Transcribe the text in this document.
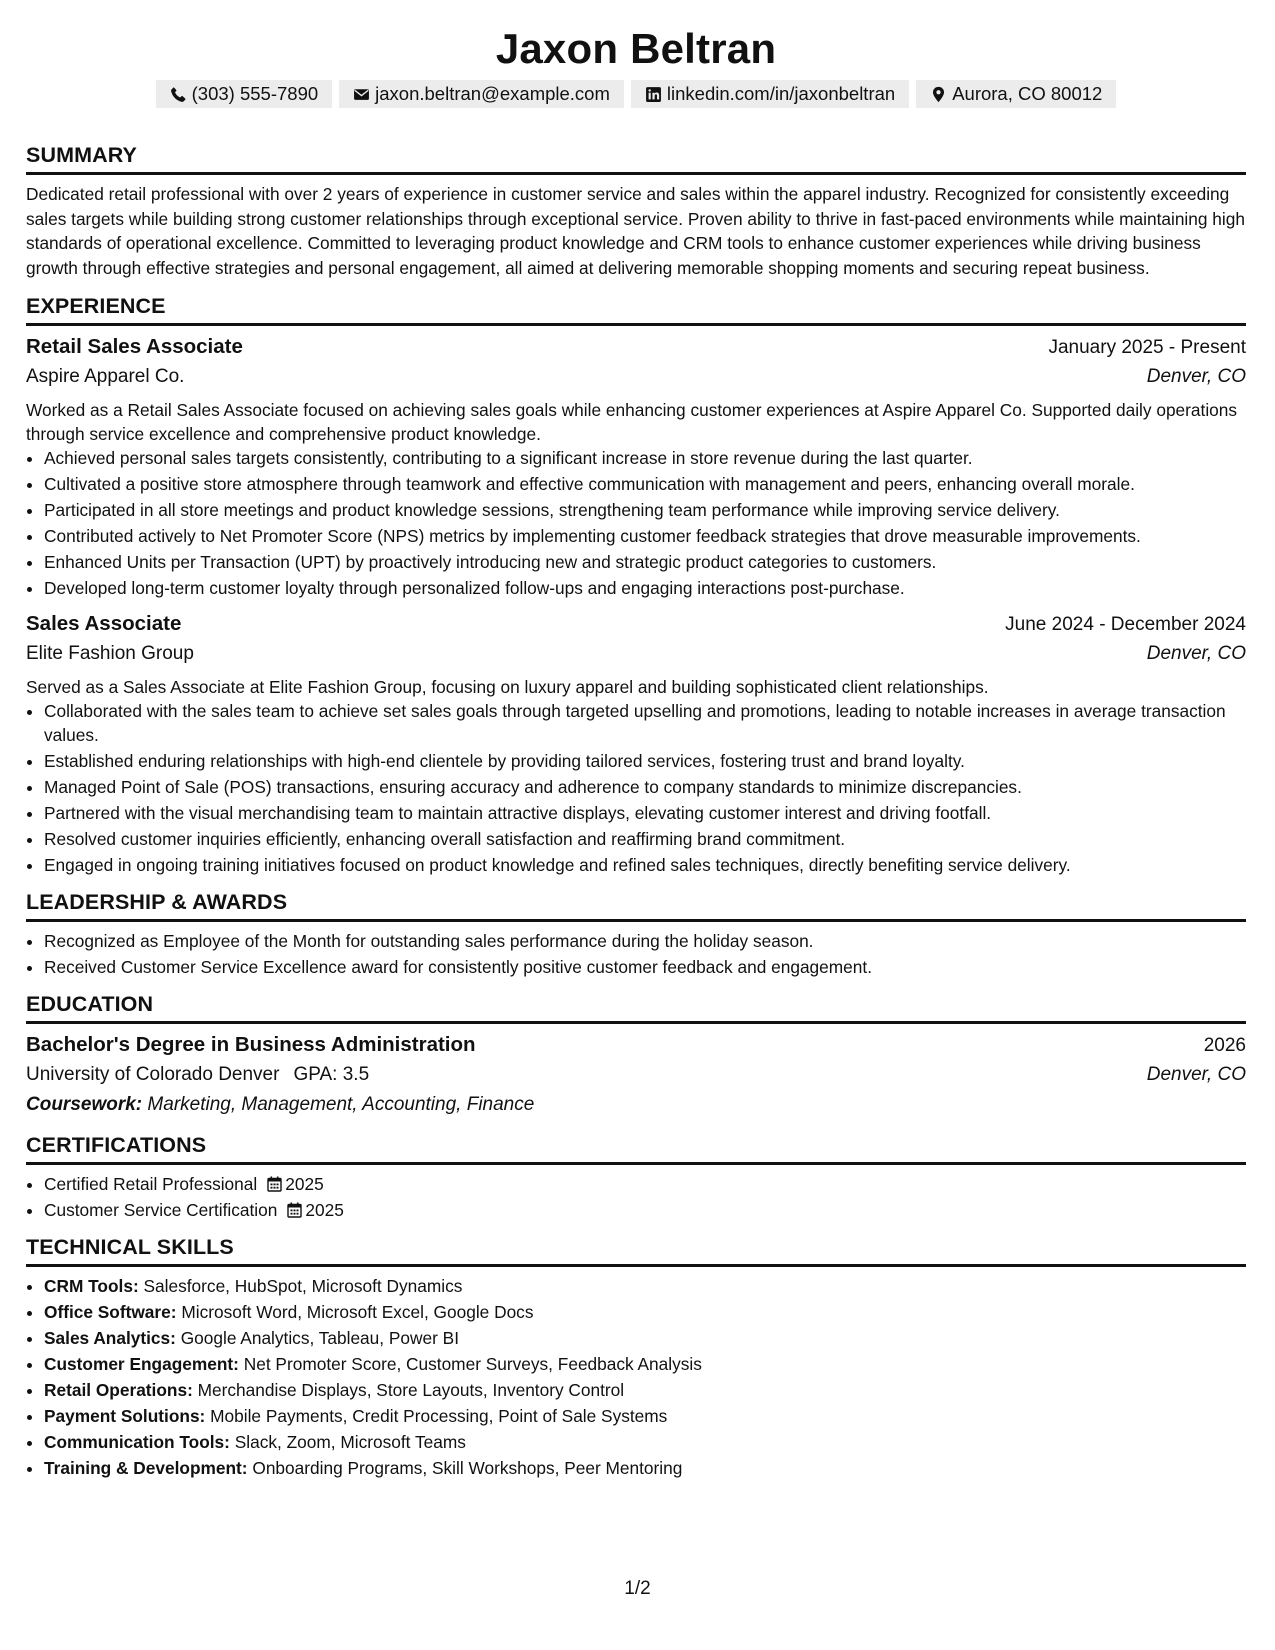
Jaxon Beltran
(303) 555-7890	jaxon.beltran@example.com	linkedin.com/in/jaxonbeltran	Aurora, CO 80012
SUMMARY

Dedicated retail professional with over 2 years of experience in customer service and sales within the apparel industry. Recognized for consistently exceeding sales targets while building strong customer relationships through exceptional service. Proven ability to thrive in fast-paced environments while maintaining high standards of operational excellence. Committed to leveraging product knowledge and CRM tools to enhance customer experiences while driving business growth through effective strategies and personal engagement, all aimed at delivering memorable shopping moments and securing repeat business.

EXPERIENCE
Retail Sales Associate	January 2025 - Present
Aspire Apparel Co.	Denver, CO
Worked as a Retail Sales Associate focused on achieving sales goals while enhancing customer experiences at Aspire Apparel Co. Supported daily operations through service excellence and comprehensive product knowledge.
• Achieved personal sales targets consistently, contributing to a significant increase in store revenue during the last quarter.
• Cultivated a positive store atmosphere through teamwork and effective communication with management and peers, enhancing overall morale.
• Participated in all store meetings and product knowledge sessions, strengthening team performance while improving service delivery.
• Contributed actively to Net Promoter Score (NPS) metrics by implementing customer feedback strategies that drove measurable improvements.
• Enhanced Units per Transaction (UPT) by proactively introducing new and strategic product categories to customers.
• Developed long-term customer loyalty through personalized follow-ups and engaging interactions post-purchase.
Sales Associate	June 2024 - December 2024
Elite Fashion Group	Denver, CO
Served as a Sales Associate at Elite Fashion Group, focusing on luxury apparel and building sophisticated client relationships.
• Collaborated with the sales team to achieve set sales goals through targeted upselling and promotions, leading to notable increases in average transaction values.
• Established enduring relationships with high-end clientele by providing tailored services, fostering trust and brand loyalty.
• Managed Point of Sale (POS) transactions, ensuring accuracy and adherence to company standards to minimize discrepancies.
• Partnered with the visual merchandising team to maintain attractive displays, elevating customer interest and driving footfall.
• Resolved customer inquiries efficiently, enhancing overall satisfaction and reaffirming brand commitment.
• Engaged in ongoing training initiatives focused on product knowledge and refined sales techniques, directly benefiting service delivery.
LEADERSHIP & AWARDS
• Recognized as Employee of the Month for outstanding sales performance during the holiday season.
• Received Customer Service Excellence award for consistently positive customer feedback and engagement.
EDUCATION
Bachelor's Degree in Business Administration	2026
University of Colorado Denver GPA: 3.5	Denver, CO
Coursework: Marketing, Management, Accounting, Finance
CERTIFICATIONS
• Certified Retail Professional 2025
• Customer Service Certification 2025
TECHNICAL SKILLS
• CRM Tools: Salesforce, HubSpot, Microsoft Dynamics
• Office Software: Microsoft Word, Microsoft Excel, Google Docs
• Sales Analytics: Google Analytics, Tableau, Power BI
• Customer Engagement: Net Promoter Score, Customer Surveys, Feedback Analysis
• Retail Operations: Merchandise Displays, Store Layouts, Inventory Control
• Payment Solutions: Mobile Payments, Credit Processing, Point of Sale Systems
• Communication Tools: Slack, Zoom, Microsoft Teams
• Training & Development: Onboarding Programs, Skill Workshops, Peer Mentoring
1/2
